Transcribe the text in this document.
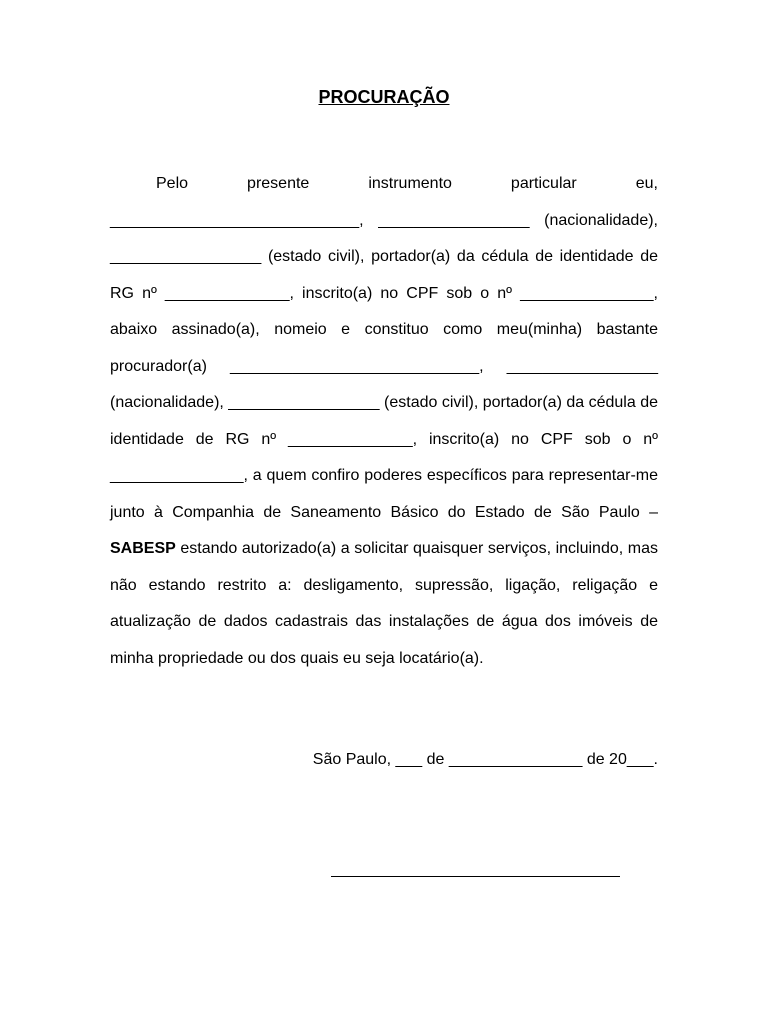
PROCURAÇÃO

Pelo presente instrumento particular eu, ____________________________, _________________ (nacionalidade), _________________ (estado civil), portador(a) da cédula de identidade de RG nº ______________, inscrito(a) no CPF sob o nº _______________, abaixo assinado(a), nomeio e constituo como meu(minha) bastante procurador(a) ____________________________, _________________ (nacionalidade), _________________ (estado civil), portador(a) da cédula de identidade de RG nº ______________, inscrito(a) no CPF sob o nº _______________, a quem confiro poderes específicos para representar-me junto à Companhia de Saneamento Básico do Estado de São Paulo – SABESP estando autorizado(a) a solicitar quaisquer serviços, incluindo, mas não estando restrito a: desligamento, supressão, ligação, religação e atualização de dados cadastrais das instalações de água dos imóveis de minha propriedade ou dos quais eu seja locatário(a).

São Paulo, ___ de _______________ de 20___.
